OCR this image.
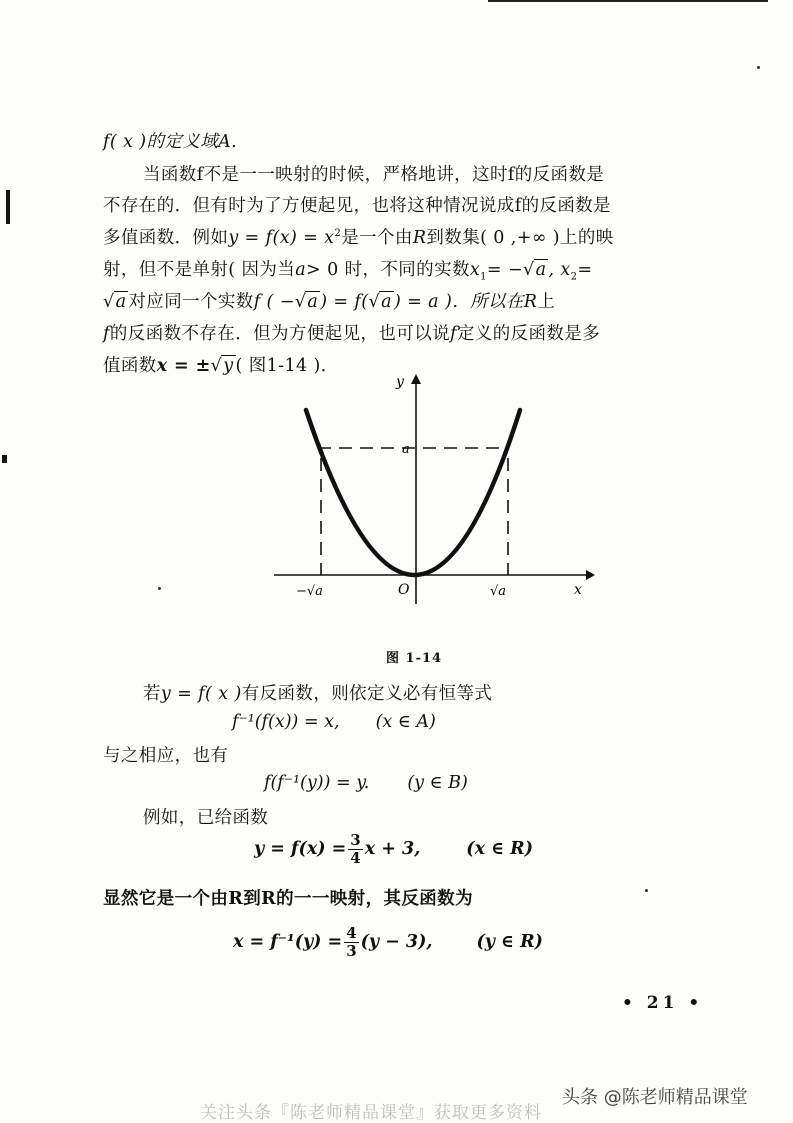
f( x )的定义域A.

当函数f不是一一映射的时候，严格地讲，这时f的反函数是

不存在的．但有时为了方便起见，也将这种情况说成f的反函数是

多值函数．例如$y = f(x) = x^2$是一个由R到数集( 0 ,+∞ )上的映

射，但不是单射( 因为当a> 0 时，不同的实数$x_1= -√a$ , $x_2=$

√a 对应同一个实数f ( −√a ) = f(√a ) = a )．所以在R上

f的反函数不存在．但为方便起见，也可以说f定义的反函数是多

值函数x = ±√y ( 图1-14 )．

y
x
O
a
−√a	√a
图 1-14

若y = f( x )有反函数，则依定义必有恒等式

f⁻¹(f(x)) = x, (x ∈ A)

与之相应，也有

f(f⁻¹(y)) = y. (y ∈ B)

例如，已给函数

$y = f(x) = \frac{3}{4}$ x + 3,	(x ∈ R)

显然它是一个由R到R的一一映射，其反函数为

$x = f^{-1}(y) = \frac{4}{3} (y - 3)$,	(y ∈ R)

• 21 •
头条 @陈老师精品课堂
关注头条『陈老师精品课堂』获取更多资料
